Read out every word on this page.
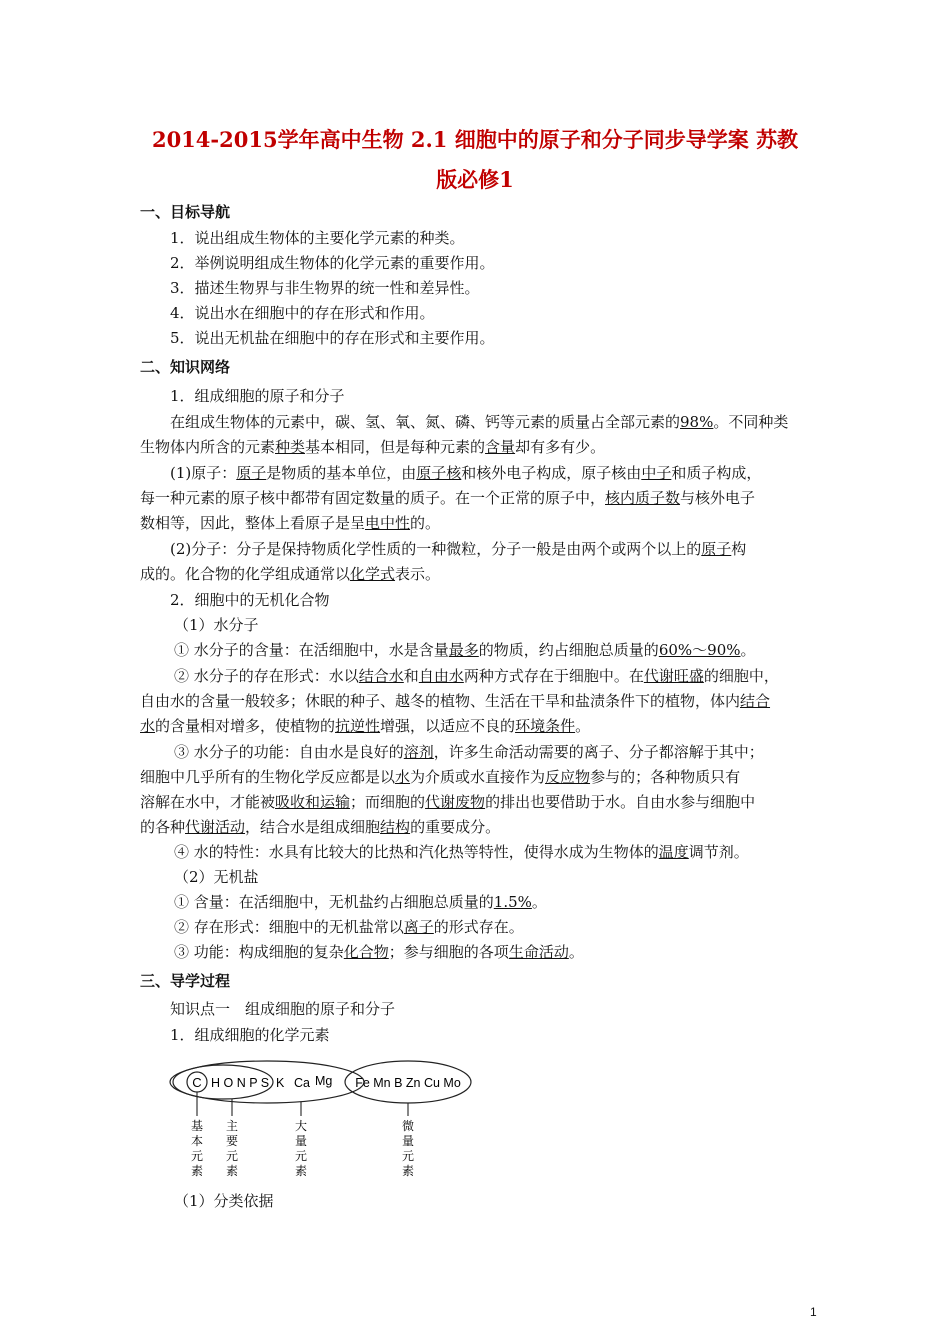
2014-2015学年高中生物 2.1 细胞中的原子和分子同步导学案 苏教
版必修1
一、目标导航
1．说出组成生物体的主要化学元素的种类。
2．举例说明组成生物体的化学元素的重要作用。
3．描述生物界与非生物界的统一性和差异性。
4．说出水在细胞中的存在形式和作用。
5．说出无机盐在细胞中的存在形式和主要作用。
二、知识网络
1．组成细胞的原子和分子
在组成生物体的元素中，碳、氢、氧、氮、磷、钙等元素的质量占全部元素的98%。不同种类
生物体内所含的元素种类基本相同，但是每种元素的含量却有多有少。
(1)原子：原子是物质的基本单位，由原子核和核外电子构成，原子核由中子和质子构成，
每一种元素的原子核中都带有固定数量的质子。在一个正常的原子中，核内质子数与核外电子
数相等，因此，整体上看原子是呈电中性的。
(2)分子：分子是保持物质化学性质的一种微粒，分子一般是由两个或两个以上的原子构
成的。化合物的化学组成通常以化学式表示。
2．细胞中的无机化合物
（1）水分子
① 水分子的含量：在活细胞中，水是含量最多的物质，约占细胞总质量的60%～90%。
② 水分子的存在形式：水以结合水和自由水两种方式存在于细胞中。在代谢旺盛的细胞中，
自由水的含量一般较多；休眠的种子、越冬的植物、生活在干旱和盐渍条件下的植物，体内结合
水的含量相对增多，使植物的抗逆性增强，以适应不良的环境条件。
③ 水分子的功能：自由水是良好的溶剂，许多生命活动需要的离子、分子都溶解于其中；
细胞中几乎所有的生物化学反应都是以水为介质或水直接作为反应物参与的；各种物质只有
溶解在水中，才能被吸收和运输；而细胞的代谢废物的排出也要借助于水。自由水参与细胞中
的各种代谢活动，结合水是组成细胞结构的重要成分。
④ 水的特性：水具有比较大的比热和汽化热等特性，使得水成为生物体的温度调节剂。
（2）无机盐
① 含量：在活细胞中，无机盐约占细胞总质量的1.5%。
② 存在形式：细胞中的无机盐常以离子的形式存在。
③ 功能：构成细胞的复杂化合物；参与细胞的各项生命活动。
三、导学过程
知识点一　组成细胞的原子和分子
1．组成细胞的化学元素
C H O N P S K Ca Mg Fe Mn B Zn Cu Mo
基本元素
主要元素
大量元素
微量元素
（1）分类依据
1
